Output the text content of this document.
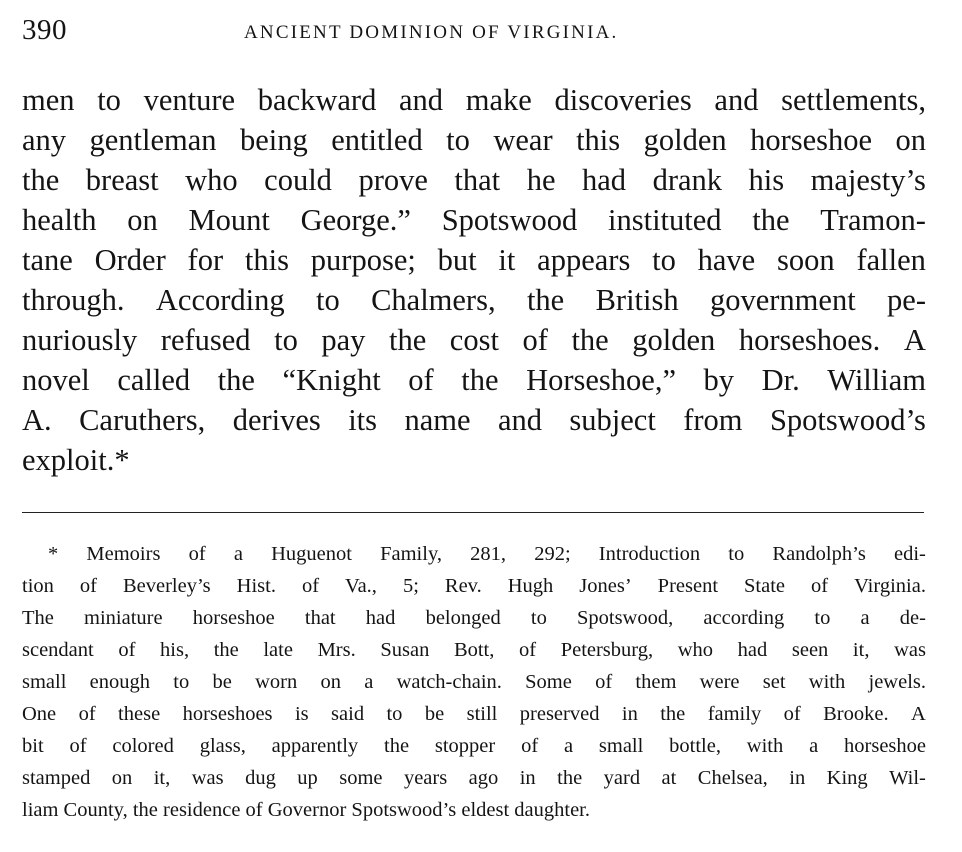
390	ANCIENT DOMINION OF VIRGINIA.
men to venture backward and make discoveries and settlements,
any gentleman being entitled to wear this golden horseshoe on
the breast who could prove that he had drank his majesty’s
health on Mount George.” Spotswood instituted the Tramon-
tane Order for this purpose; but it appears to have soon fallen
through. According to Chalmers, the British government pe-
nuriously refused to pay the cost of the golden horseshoes. A
novel called the “Knight of the Horseshoe,” by Dr. William
A. Caruthers, derives its name and subject from Spotswood’s
exploit.*
* Memoirs of a Huguenot Family, 281, 292; Introduction to Randolph’s edi-
tion of Beverley’s Hist. of Va., 5; Rev. Hugh Jones’ Present State of Virginia.
The miniature horseshoe that had belonged to Spotswood, according to a de-
scendant of his, the late Mrs. Susan Bott, of Petersburg, who had seen it, was
small enough to be worn on a watch-chain. Some of them were set with jewels.
One of these horseshoes is said to be still preserved in the family of Brooke. A
bit of colored glass, apparently the stopper of a small bottle, with a horseshoe
stamped on it, was dug up some years ago in the yard at Chelsea, in King Wil-
liam County, the residence of Governor Spotswood’s eldest daughter.
